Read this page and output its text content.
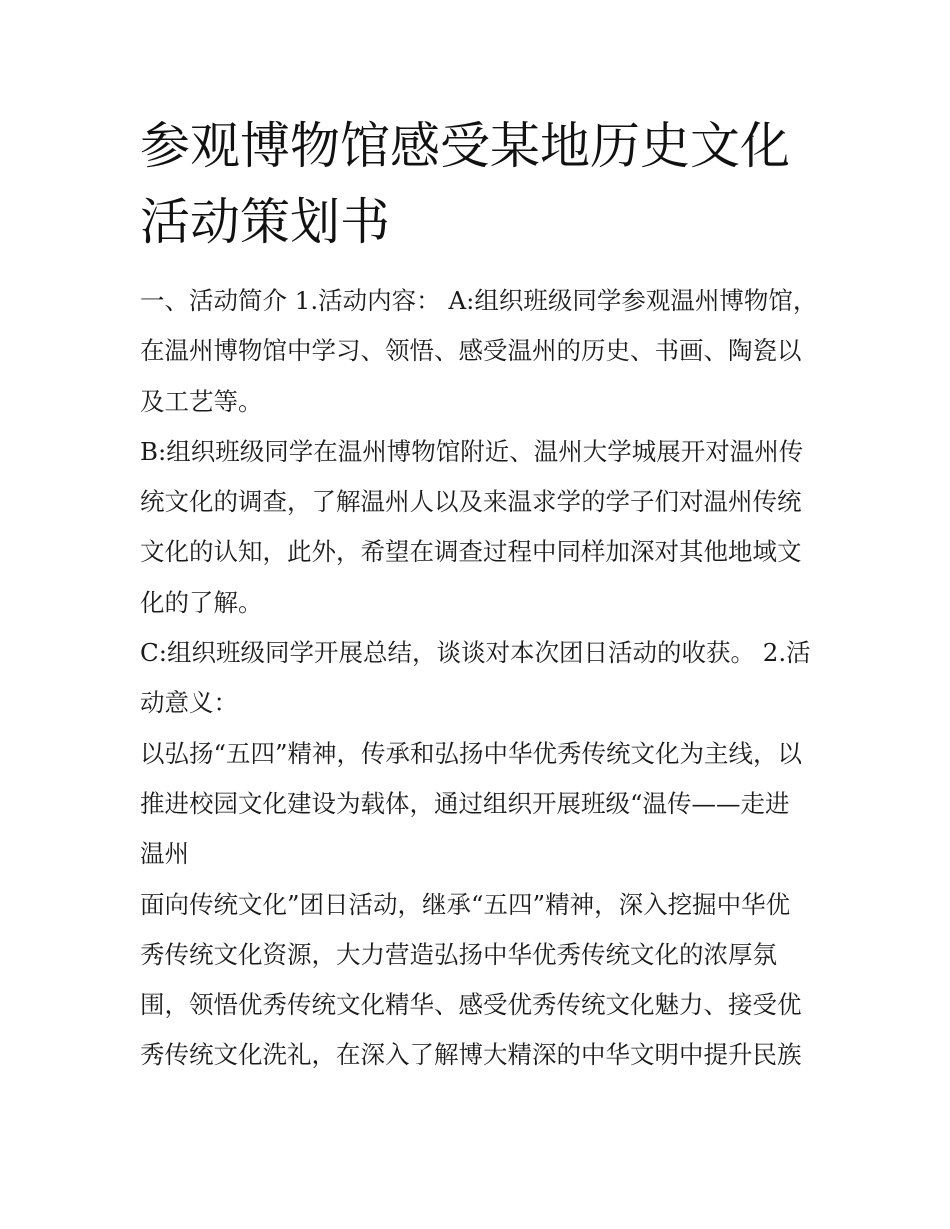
参观博物馆感受某地历史文化
活动策划书
一、活动简介 1.活动内容： A:组织班级同学参观温州博物馆，
在温州博物馆中学习、领悟、感受温州的历史、书画、陶瓷以
及工艺等。
B:组织班级同学在温州博物馆附近、温州大学城展开对温州传
统文化的调查，了解温州人以及来温求学的学子们对温州传统
文化的认知，此外，希望在调查过程中同样加深对其他地域文
化的了解。
C:组织班级同学开展总结，谈谈对本次团日活动的收获。 2.活
动意义：
以弘扬“五四”精神，传承和弘扬中华优秀传统文化为主线，以
推进校园文化建设为载体，通过组织开展班级“温传——走进
温州
面向传统文化”团日活动，继承“五四”精神，深入挖掘中华优
秀传统文化资源，大力营造弘扬中华优秀传统文化的浓厚氛
围，领悟优秀传统文化精华、感受优秀传统文化魅力、接受优
秀传统文化洗礼，在深入了解博大精深的中华文明中提升民族
